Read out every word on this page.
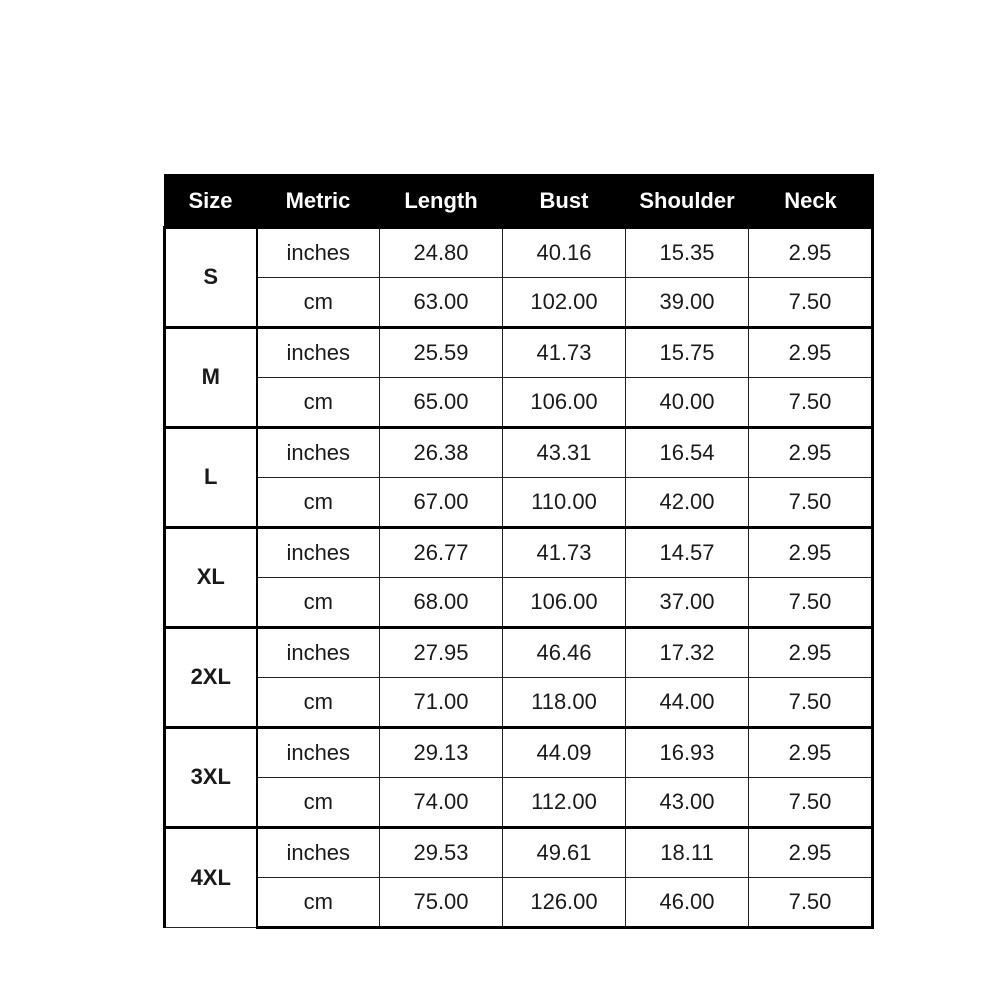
Size	Metric	Length	Bust	Shoulder	Neck
S	inches	24.80	40.16	15.35	2.95
	cm	63.00	102.00	39.00	7.50
M	inches	25.59	41.73	15.75	2.95
	cm	65.00	106.00	40.00	7.50
L	inches	26.38	43.31	16.54	2.95
	cm	67.00	110.00	42.00	7.50
XL	inches	26.77	41.73	14.57	2.95
	cm	68.00	106.00	37.00	7.50
2XL	inches	27.95	46.46	17.32	2.95
	cm	71.00	118.00	44.00	7.50
3XL	inches	29.13	44.09	16.93	2.95
	cm	74.00	112.00	43.00	7.50
4XL	inches	29.53	49.61	18.11	2.95
	cm	75.00	126.00	46.00	7.50
